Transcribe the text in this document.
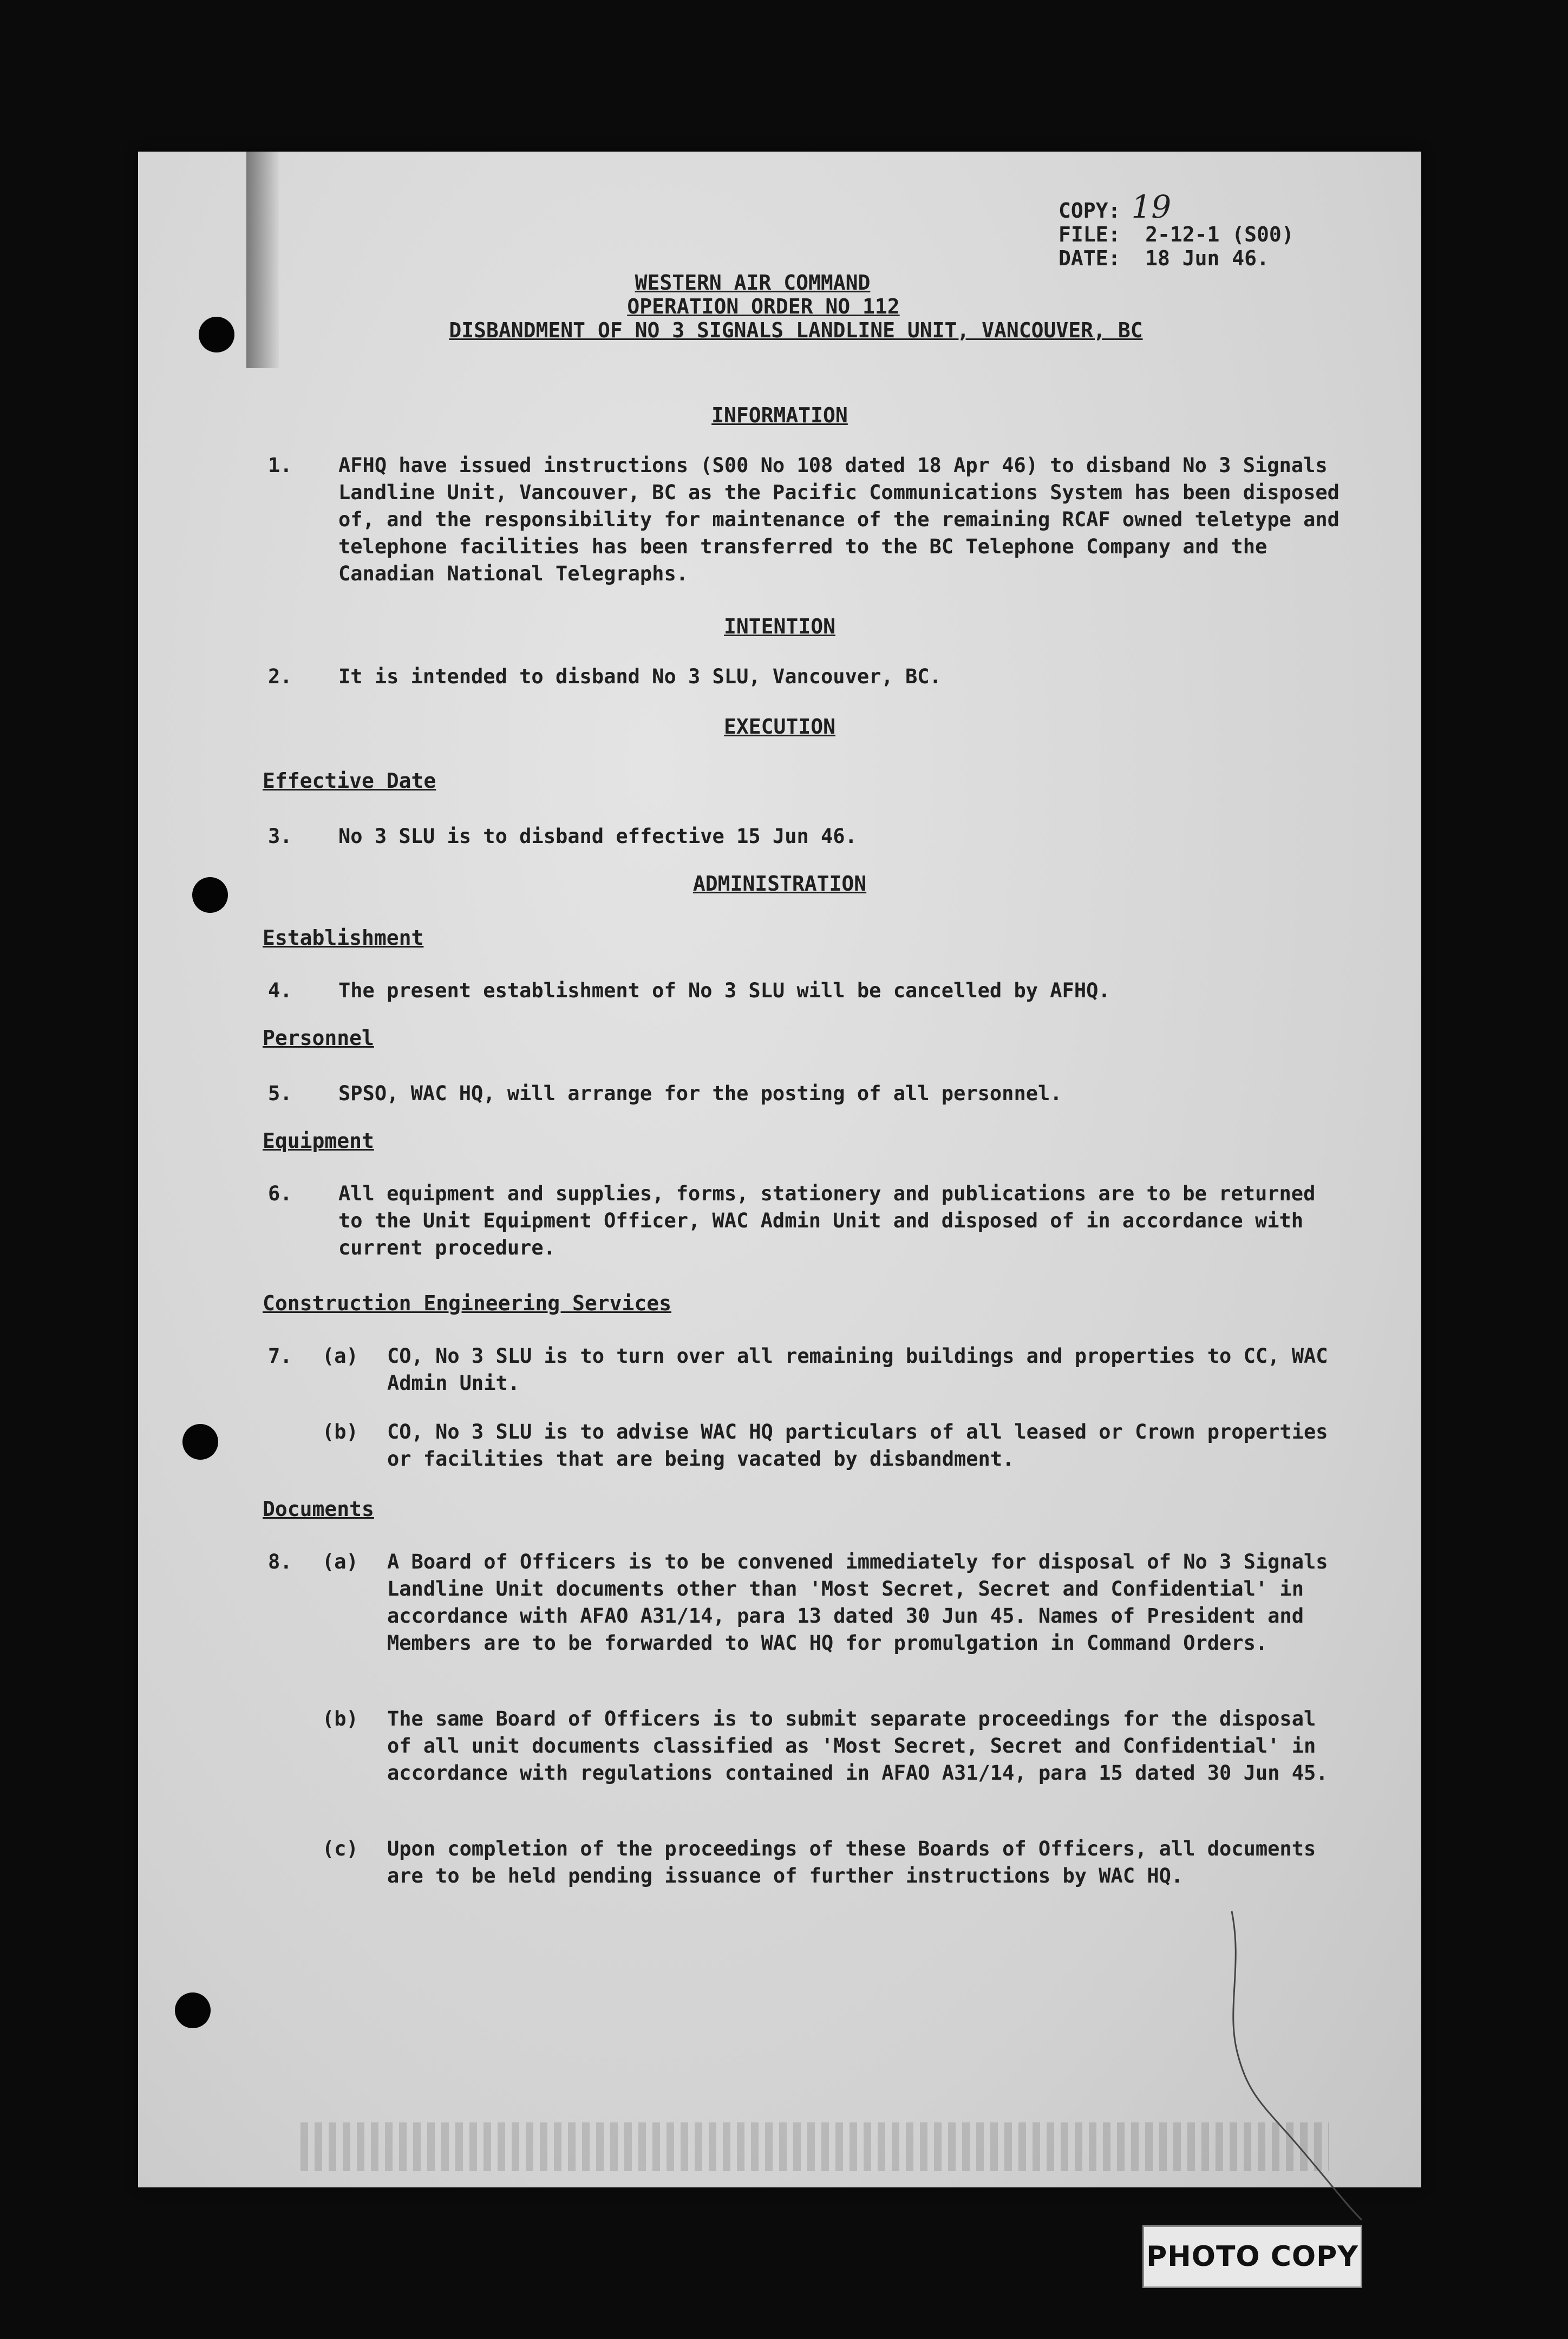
COPY: 19
FILE: 2-12-1 (S00)
DATE: 18 Jun 46.
WESTERN AIR COMMAND
OPERATION ORDER NO 112
DISBANDMENT OF NO 3 SIGNALS LANDLINE UNIT, VANCOUVER, BC
INFORMATION
1. AFHQ have issued instructions (S00 No 108 dated 18 Apr 46) to disband No 3 Signals Landline Unit, Vancouver, BC as the Pacific Communications System has been disposed of, and the responsibility for maintenance of the remaining RCAF owned teletype and telephone facilities has been transferred to the BC Telephone Company and the Canadian National Telegraphs.
INTENTION
2. It is intended to disband No 3 SLU, Vancouver, BC.
EXECUTION
Effective Date
3. No 3 SLU is to disband effective 15 Jun 46.
ADMINISTRATION
Establishment
4. The present establishment of No 3 SLU will be cancelled by AFHQ.
Personnel
5. SPSO, WAC HQ, will arrange for the posting of all personnel.
Equipment
6. All equipment and supplies, forms, stationery and publications are to be returned to the Unit Equipment Officer, WAC Admin Unit and disposed of in accordance with current procedure.
Construction Engineering Services
7. (a) CO, No 3 SLU is to turn over all remaining buildings and properties to CC, WAC Admin Unit.
(b) CO, No 3 SLU is to advise WAC HQ particulars of all leased or Crown properties or facilities that are being vacated by disbandment.
Documents
8. (a) A Board of Officers is to be convened immediately for disposal of No 3 Signals Landline Unit documents other than 'Most Secret, Secret and Confidential' in accordance with AFAO A31/14, para 13 dated 30 Jun 45. Names of President and Members are to be forwarded to WAC HQ for promulgation in Command Orders.
(b) The same Board of Officers is to submit separate proceedings for the disposal of all unit documents classified as 'Most Secret, Secret and Confidential' in accordance with regulations contained in AFAO A31/14, para 15 dated 30 Jun 45.
(c) Upon completion of the proceedings of these Boards of Officers, all documents are to be held pending issuance of further instructions by WAC HQ.
PHOTO COPY
